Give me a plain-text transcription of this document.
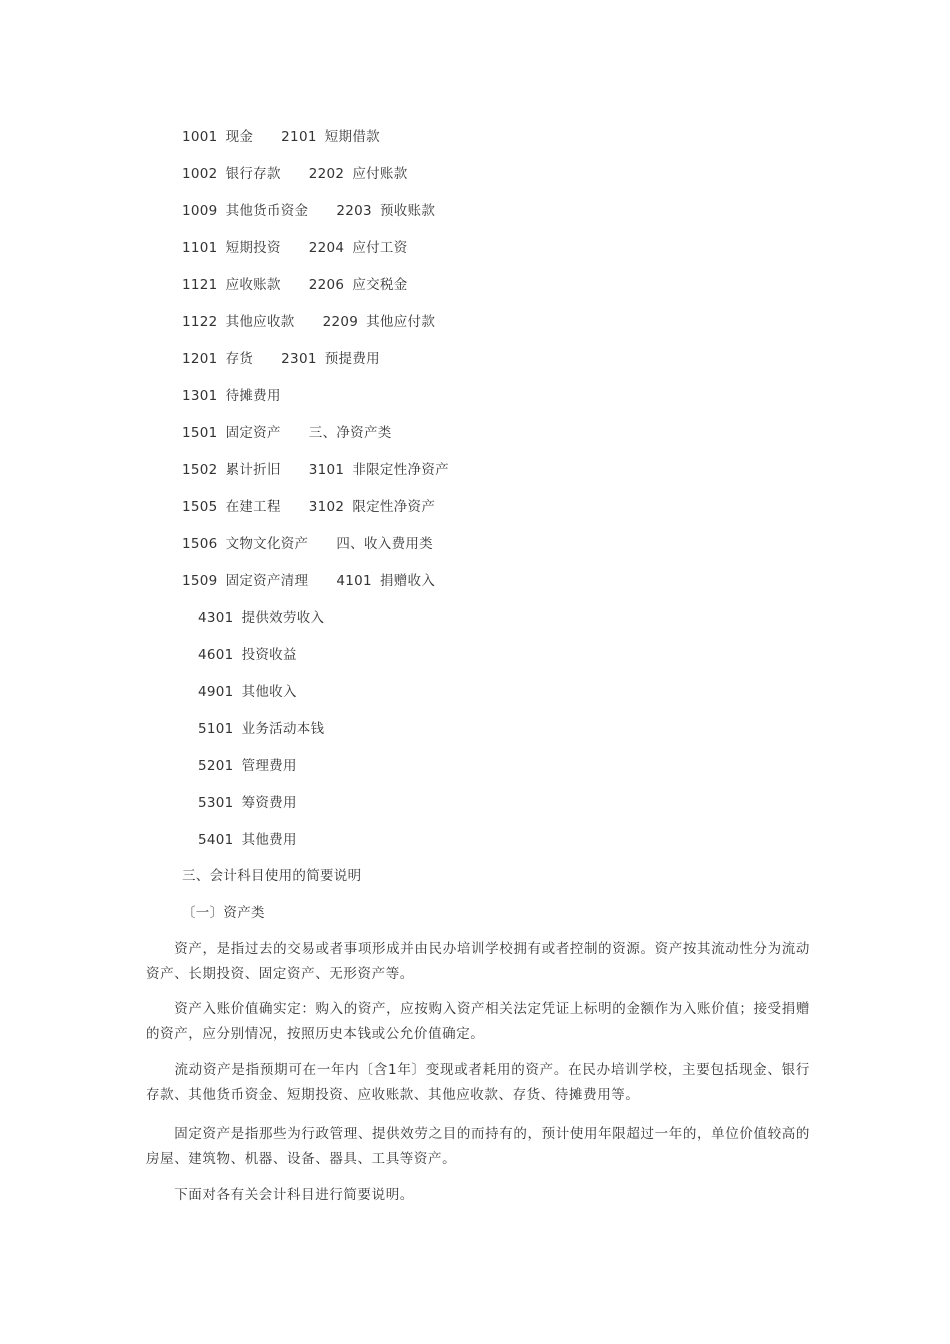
1001 现金 2101 短期借款
1002 银行存款 2202 应付账款
1009 其他货币资金 2203 预收账款
1101 短期投资 2204 应付工资
1121 应收账款 2206 应交税金
1122 其他应收款 2209 其他应付款
1201 存货 2301 预提费用
1301 待摊费用
1501 固定资产 三、净资产类
1502 累计折旧 3101 非限定性净资产
1505 在建工程 3102 限定性净资产
1506 文物文化资产 四、收入费用类
1509 固定资产清理 4101 捐赠收入
4301 提供效劳收入
4601 投资收益
4901 其他收入
5101 业务活动本钱
5201 管理费用
5301 筹资费用
5401 其他费用
三、会计科目使用的简要说明
〔一〕资产类
　　资产，是指过去的交易或者事项形成并由民办培训学校拥有或者控制的资源。资产按其流动性分为流动资产、长期投资、固定资产、无形资产等。
　　资产入账价值确实定：购入的资产，应按购入资产相关法定凭证上标明的金额作为入账价值；接受捐赠的资产，应分别情况，按照历史本钱或公允价值确定。
　　流动资产是指预期可在一年内〔含1年〕变现或者耗用的资产。在民办培训学校，主要包括现金、银行存款、其他货币资金、短期投资、应收账款、其他应收款、存货、待摊费用等。
　　固定资产是指那些为行政管理、提供效劳之目的而持有的，预计使用年限超过一年的，单位价值较高的房屋、建筑物、机器、设备、器具、工具等资产。
　　下面对各有关会计科目进行简要说明。
